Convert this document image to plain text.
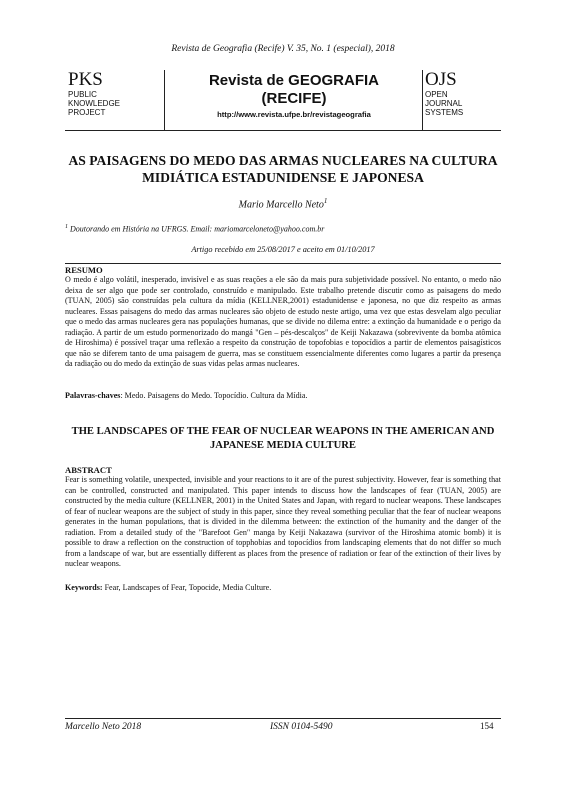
Revista de Geografia (Recife) V. 35, No. 1 (especial), 2018
PKS
PUBLIC
KNOWLEDGE
PROJECT
Revista de GEOGRAFIA
(RECIFE)
http://www.revista.ufpe.br/revistageografia
OJS
OPEN
JOURNAL
SYSTEMS
AS PAISAGENS DO MEDO DAS ARMAS NUCLEARES NA CULTURA MIDIÁTICA ESTADUNIDENSE E JAPONESA
Mario Marcello Neto$^1$
$^1$ Doutorando em História na UFRGS. Email: mariomarceloneto@yahoo.com.br
Artigo recebido em 25/08/2017 e aceito em 01/10/2017
RESUMO
O medo é algo volátil, inesperado, invisível e as suas reações a ele são da mais pura subjetividade possível. No entanto, o medo não deixa de ser algo que pode ser controlado, construído e manipulado. Este trabalho pretende discutir como as paisagens do medo (TUAN, 2005) são construídas pela cultura da mídia (KELLNER,2001) estadunidense e japonesa, no que diz respeito as armas nucleares. Essas paisagens do medo das armas nucleares são objeto de estudo neste artigo, uma vez que estas desvelam algo peculiar que o medo das armas nucleares gera nas populações humanas, que se divide no dilema entre: a extinção da humanidade e o perigo da radiação. A partir de um estudo pormenorizado do mangá "Gen – pés-descalços" de Keiji Nakazawa (sobrevivente da bomba atômica de Hiroshima) é possível traçar uma reflexão a respeito da construção de topofobias e topocídios a partir de elementos paisagísticos que não se diferem tanto de uma paisagem de guerra, mas se constituem essencialmente diferentes como lugares a partir da presença da radiação ou do medo da extinção de suas vidas pelas armas nucleares.
Palavras-chaves: Medo. Paisagens do Medo. Topocídio. Cultura da Mídia.
THE LANDSCAPES OF THE FEAR OF NUCLEAR WEAPONS IN THE AMERICAN AND JAPANESE MEDIA CULTURE
ABSTRACT
Fear is something volatile, unexpected, invisible and your reactions to it are of the purest subjectivity. However, fear is something that can be controlled, constructed and manipulated. This paper intends to discuss how the landscapes of fear (TUAN, 2005) are constructed by the media culture (KELLNER, 2001) in the United States and Japan, with regard to nuclear weapons. These landscapes of fear of nuclear weapons are the subject of study in this paper, since they reveal something peculiar that the fear of nuclear weapons generates in the human populations, that is divided in the dilemma between: the extinction of the humanity and the danger of the radiation. From a detailed study of the "Barefoot Gen" manga by Keiji Nakazawa (survivor of the Hiroshima atomic bomb) it is possible to draw a reflection on the construction of topphobias and topocídios from landscaping elements that do not differ so much from a landscape of war, but are essentially different as places from the presence of radiation or fear of the extinction of their lives by nuclear weapons.
Keywords: Fear, Landscapes of Fear, Topocide, Media Culture.
Marcello Neto 2018	ISSN 0104-5490	154
